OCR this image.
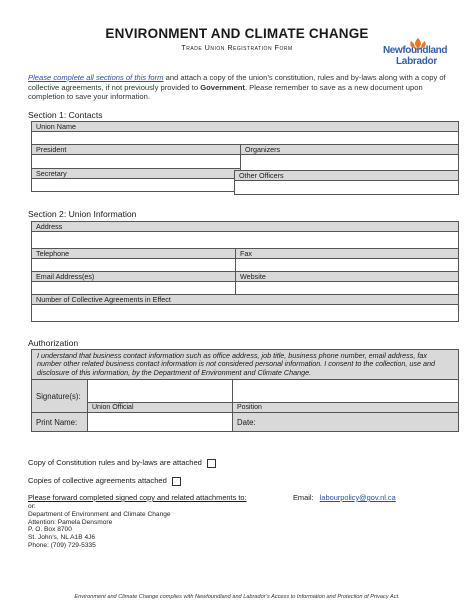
ENVIRONMENT AND CLIMATE CHANGE
Trade Union Registration Form	Newfoundland
Labrador
Please complete all sections of this form and attach a copy of the union’s constitution, rules and by-laws along with a copy of collective agreements, if not previously provided to Government. Please remember to save as a new document upon completion to save your information.
Section 1: Contacts
Union Name	

President	Organizers

Secretary		Other Officers

Section 2: Union Information
Address	

Telephone	Fax

Email Address(es)	Website

Number of Collective Agreements in Effect	

Authorization
I understand that business contact information such as office address, job title, business phone number, email address, fax number other related business contact information is not considered personal information. I consent to the collection, use and disclosure of this information, by the Department of Environment and Climate Change.		
Signature(s):		
	Union Official	Position
Print Name:		Date:
Copy of Constitution rules and by-laws are attached
Copies of collective agreements attached
Please forward completed signed copy and related attachments to:	Email: labourpolicy@gov.nl.ca
or:
Department of Environment and Climate Change
Attention: Pamela Densmore
P. O. Box 8700
St. John’s, NL A1B 4J6
Phone: (709) 729-5335
Environment and Climate Change complies with Newfoundland and Labrador’s Access to Information and Protection of Privacy Act.
